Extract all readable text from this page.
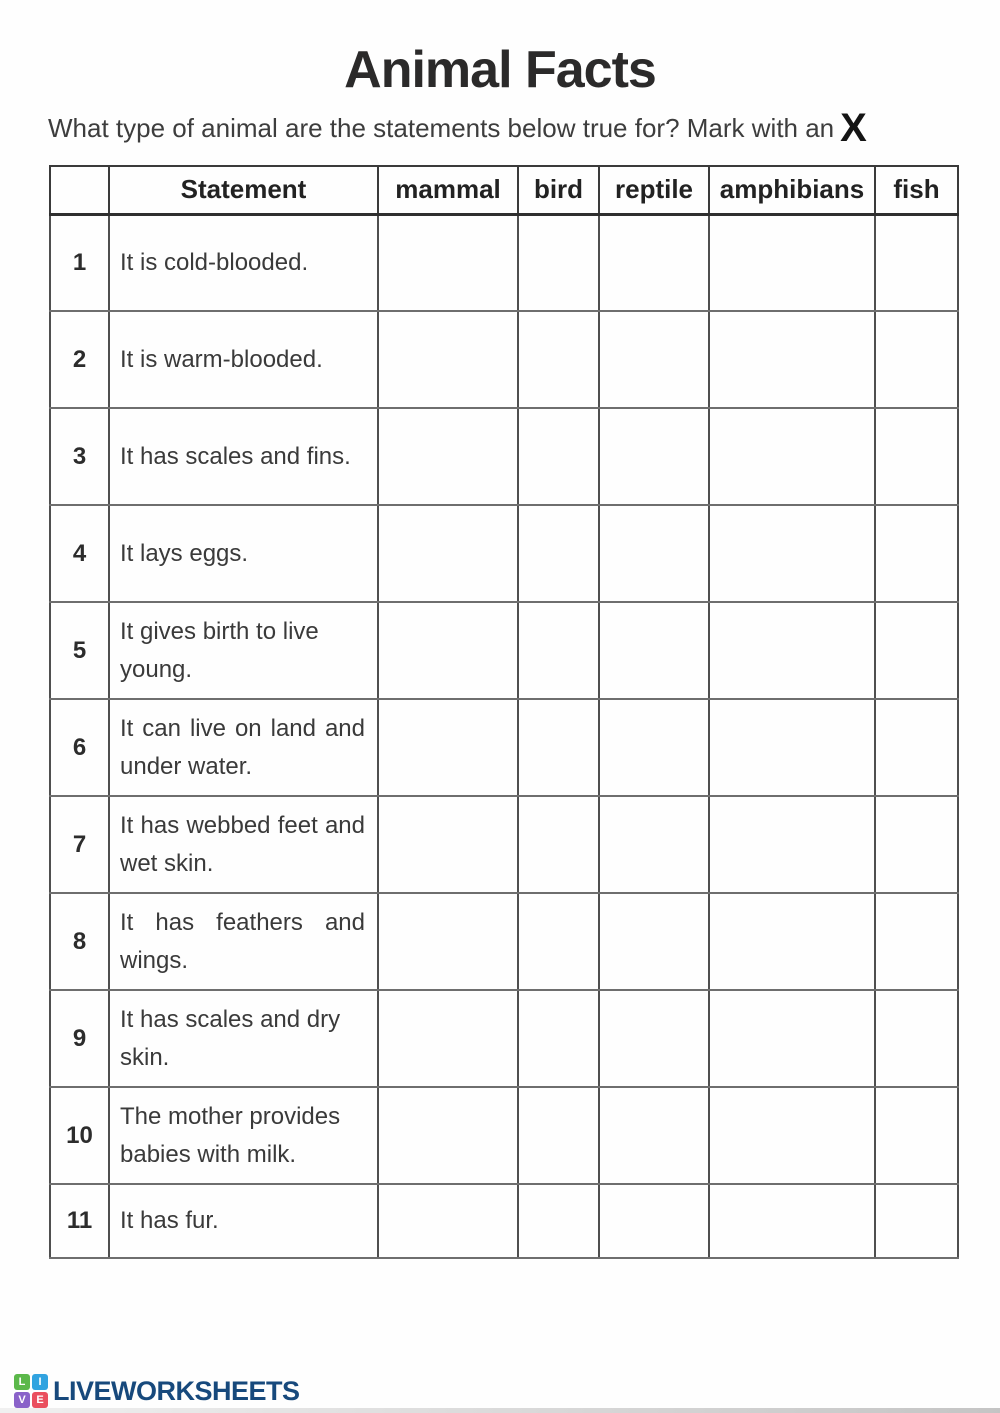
Animal Facts
What type of animal are the statements below true for? Mark with an X
	Statement	mammal	bird	reptile	amphibians	fish
1	It is cold-blooded.					
2	It is warm-blooded.					
3	It has scales and fins.					
4	It lays eggs.					
5	It gives birth to live young.					
6	It can live on land and under water.					
7	It has webbed feet and wet skin.					
8	It has feathers and wings.					
9	It has scales and dry skin.					
10	The mother provides babies with milk.					
11	It has fur.					
L	I
V E LIVEWORKSHEETS
